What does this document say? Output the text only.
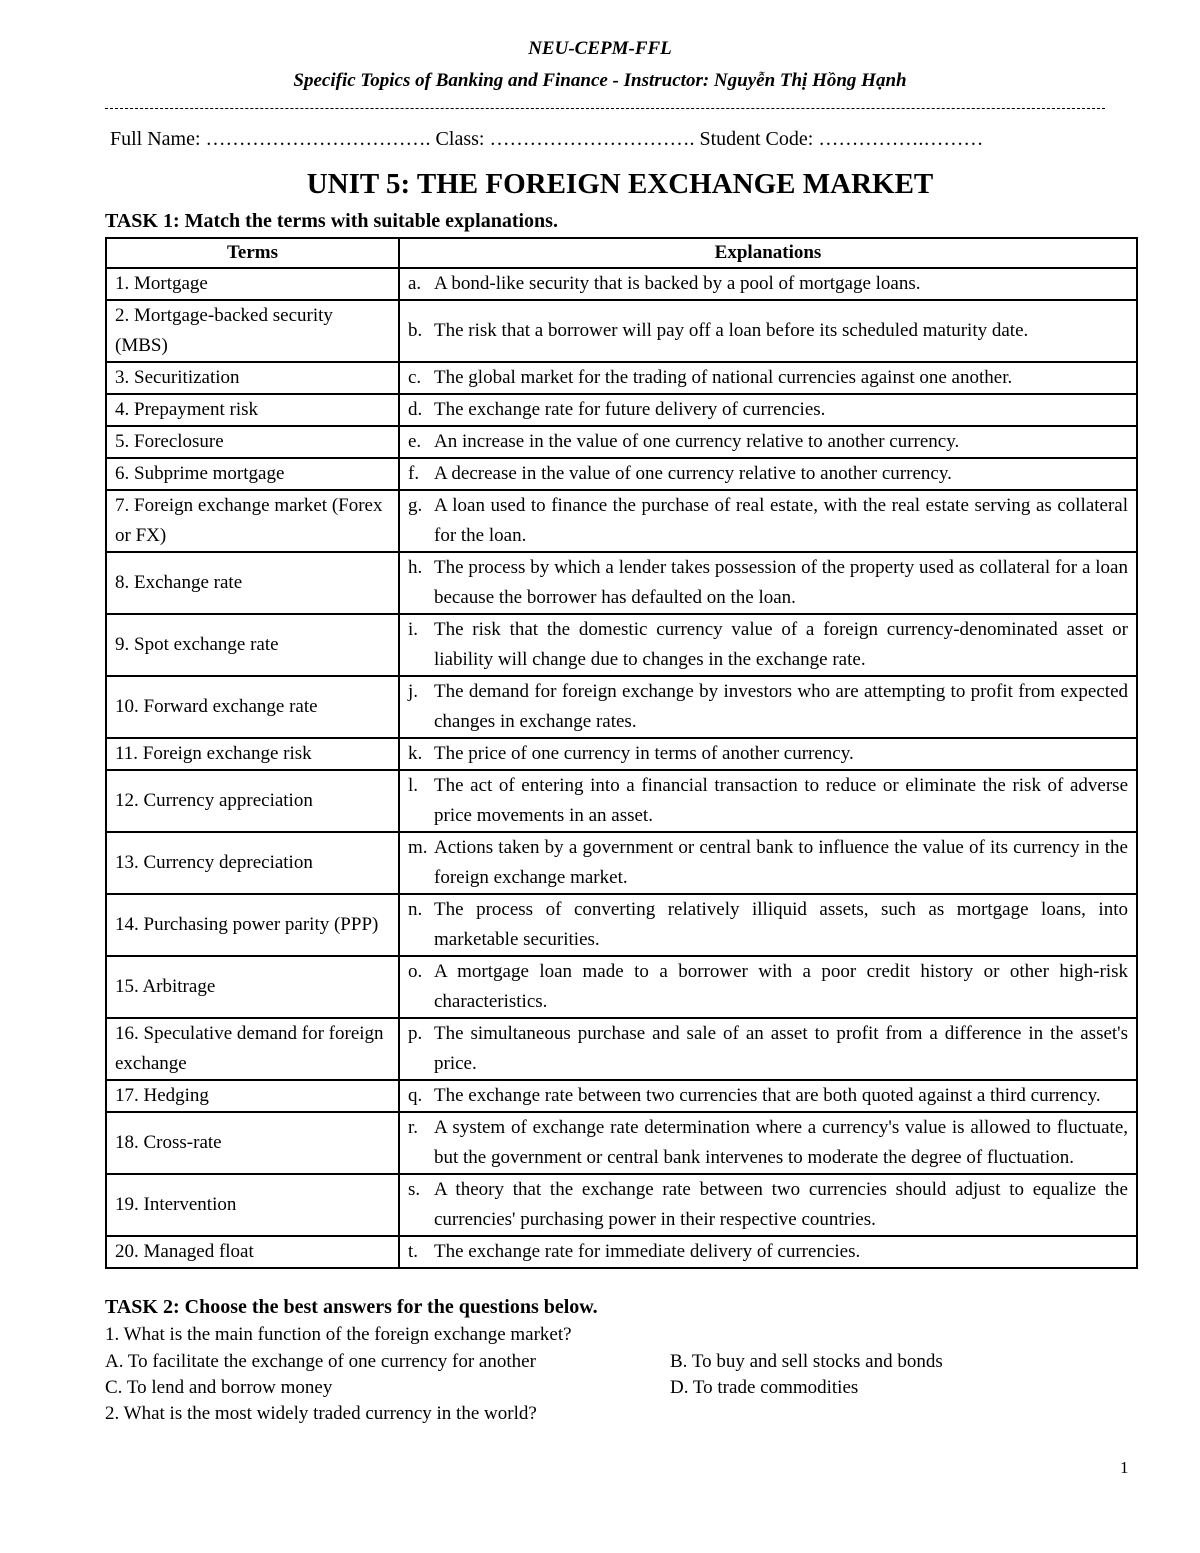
NEU-CEPM-FFL
Specific Topics of Banking and Finance - Instructor: Nguyễn Thị Hồng Hạnh
Full Name: ……………………………. Class: …………………………. Student Code: …………….………
UNIT 5: THE FOREIGN EXCHANGE MARKET
TASK 1: Match the terms with suitable explanations.
Terms	Explanations
1. Mortgage	a. A bond-like security that is backed by a pool of mortgage loans.

2. Mortgage-backed security (MBS)	b. The risk that a borrower will pay off a loan before its scheduled maturity date.

3. Securitization	c. The global market for the trading of national currencies against one another.

4. Prepayment risk	d. The exchange rate for future delivery of currencies.

5. Foreclosure	e. An increase in the value of one currency relative to another currency.

6. Subprime mortgage	f. A decrease in the value of one currency relative to another currency.

7. Foreign exchange market (Forex or FX)	g. A loan used to finance the purchase of real estate, with the real estate serving as collateral for the loan.

8. Exchange rate	h. The process by which a lender takes possession of the property used as collateral for a loan because the borrower has defaulted on the loan.

9. Spot exchange rate	i. The risk that the domestic currency value of a foreign currency-denominated asset or liability will change due to changes in the exchange rate.

10. Forward exchange rate	j. The demand for foreign exchange by investors who are attempting to profit from expected changes in exchange rates.

11. Foreign exchange risk	k. The price of one currency in terms of another currency.

12. Currency appreciation	l. The act of entering into a financial transaction to reduce or eliminate the risk of adverse price movements in an asset.

13. Currency depreciation	m. Actions taken by a government or central bank to influence the value of its currency in the foreign exchange market.

14. Purchasing power parity (PPP)	n. The process of converting relatively illiquid assets, such as mortgage loans, into marketable securities.

15. Arbitrage	o. A mortgage loan made to a borrower with a poor credit history or other high-risk characteristics.

16. Speculative demand for foreign exchange	p. The simultaneous purchase and sale of an asset to profit from a difference in the asset's price.

17. Hedging	q. The exchange rate between two currencies that are both quoted against a third currency.

18. Cross-rate	r. A system of exchange rate determination where a currency's value is allowed to fluctuate, but the government or central bank intervenes to moderate the degree of fluctuation.

19. Intervention	s. A theory that the exchange rate between two currencies should adjust to equalize the currencies' purchasing power in their respective countries.

20. Managed float	t. The exchange rate for immediate delivery of currencies.
TASK 2: Choose the best answers for the questions below.
1. What is the main function of the foreign exchange market?
A. To facilitate the exchange of one currency for another	B. To buy and sell stocks and bonds
C. To lend and borrow money	D. To trade commodities
2. What is the most widely traded currency in the world?
1
